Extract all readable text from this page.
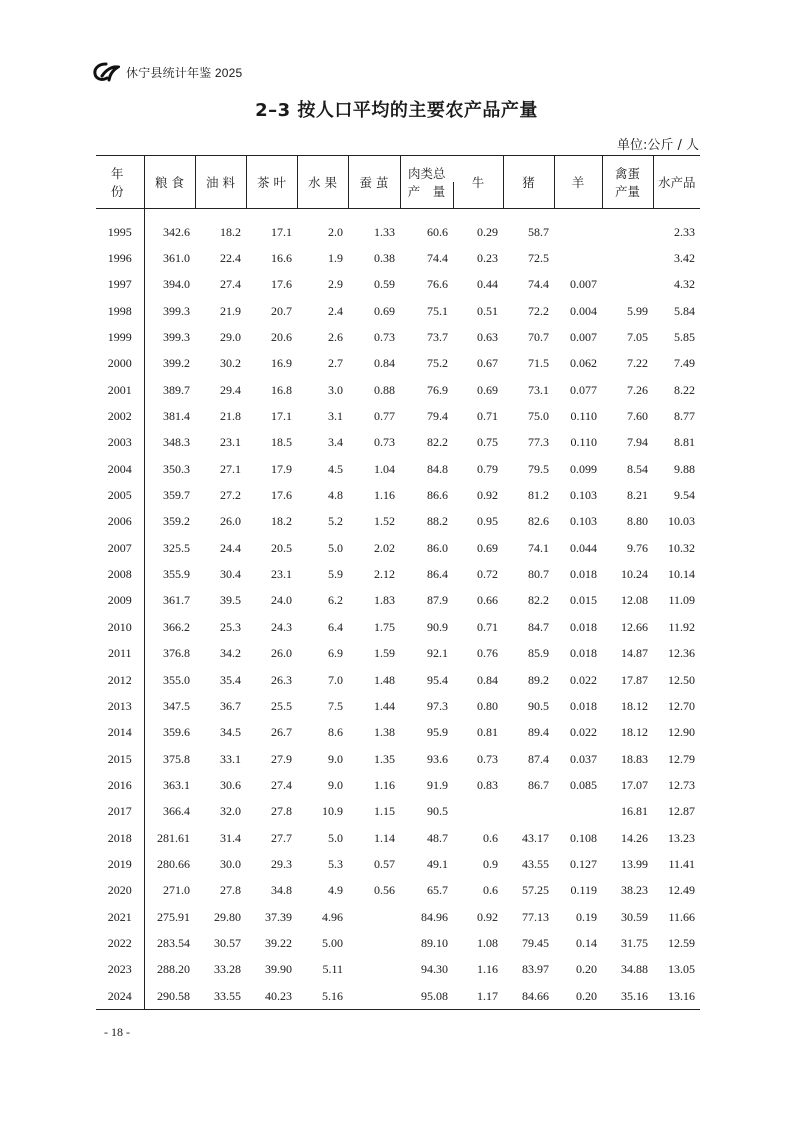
休宁县统计年鉴 2025
2–3 按人口平均的主要农产品产量
单位:公斤 / 人
年　份	粮 食	油 料	茶 叶	水 果	蚕 茧	肉类总	牛	猪	羊	禽蛋	水产品
						产　量				产量	

1995	342.6	18.2	17.1	2.0	1.33	60.6	0.29	58.7			2.33
1996	361.0	22.4	16.6	1.9	0.38	74.4	0.23	72.5			3.42
1997	394.0	27.4	17.6	2.9	0.59	76.6	0.44	74.4	0.007		4.32
1998	399.3	21.9	20.7	2.4	0.69	75.1	0.51	72.2	0.004	5.99	5.84
1999	399.3	29.0	20.6	2.6	0.73	73.7	0.63	70.7	0.007	7.05	5.85
2000	399.2	30.2	16.9	2.7	0.84	75.2	0.67	71.5	0.062	7.22	7.49
2001	389.7	29.4	16.8	3.0	0.88	76.9	0.69	73.1	0.077	7.26	8.22
2002	381.4	21.8	17.1	3.1	0.77	79.4	0.71	75.0	0.110	7.60	8.77
2003	348.3	23.1	18.5	3.4	0.73	82.2	0.75	77.3	0.110	7.94	8.81
2004	350.3	27.1	17.9	4.5	1.04	84.8	0.79	79.5	0.099	8.54	9.88
2005	359.7	27.2	17.6	4.8	1.16	86.6	0.92	81.2	0.103	8.21	9.54
2006	359.2	26.0	18.2	5.2	1.52	88.2	0.95	82.6	0.103	8.80	10.03
2007	325.5	24.4	20.5	5.0	2.02	86.0	0.69	74.1	0.044	9.76	10.32
2008	355.9	30.4	23.1	5.9	2.12	86.4	0.72	80.7	0.018	10.24	10.14
2009	361.7	39.5	24.0	6.2	1.83	87.9	0.66	82.2	0.015	12.08	11.09
2010	366.2	25.3	24.3	6.4	1.75	90.9	0.71	84.7	0.018	12.66	11.92
2011	376.8	34.2	26.0	6.9	1.59	92.1	0.76	85.9	0.018	14.87	12.36
2012	355.0	35.4	26.3	7.0	1.48	95.4	0.84	89.2	0.022	17.87	12.50
2013	347.5	36.7	25.5	7.5	1.44	97.3	0.80	90.5	0.018	18.12	12.70
2014	359.6	34.5	26.7	8.6	1.38	95.9	0.81	89.4	0.022	18.12	12.90
2015	375.8	33.1	27.9	9.0	1.35	93.6	0.73	87.4	0.037	18.83	12.79
2016	363.1	30.6	27.4	9.0	1.16	91.9	0.83	86.7	0.085	17.07	12.73
2017	366.4	32.0	27.8	10.9	1.15	90.5				16.81	12.87
2018	281.61	31.4	27.7	5.0	1.14	48.7	0.6	43.17	0.108	14.26	13.23
2019	280.66	30.0	29.3	5.3	0.57	49.1	0.9	43.55	0.127	13.99	11.41
2020	271.0	27.8	34.8	4.9	0.56	65.7	0.6	57.25	0.119	38.23	12.49
2021	275.91	29.80	37.39	4.96		84.96	0.92	77.13	0.19	30.59	11.66
2022	283.54	30.57	39.22	5.00		89.10	1.08	79.45	0.14	31.75	12.59
2023	288.20	33.28	39.90	5.11		94.30	1.16	83.97	0.20	34.88	13.05
2024	290.58	33.55	40.23	5.16		95.08	1.17	84.66	0.20	35.16	13.16
- 18 -
